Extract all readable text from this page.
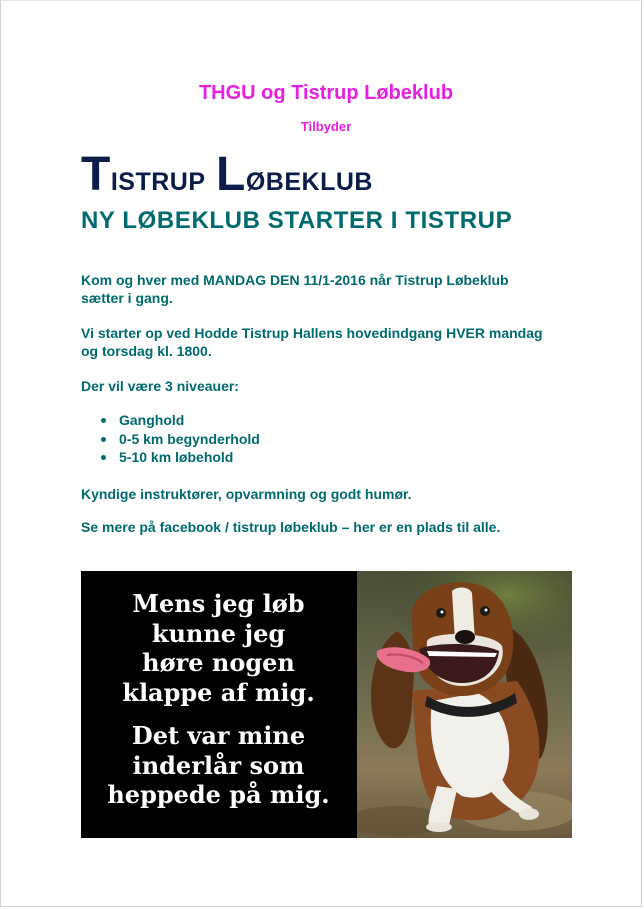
THGU og Tistrup Løbeklub
Tilbyder
Tistrup Løbeklub
NY LØBEKLUB STARTER I TISTRUP
Kom og hver med MANDAG DEN 11/1-2016 når Tistrup Løbeklub sætter i gang.
Vi starter op ved Hodde Tistrup Hallens hovedindgang HVER mandag og torsdag kl. 1800.
Der vil være 3 niveauer:
Ganghold
0-5 km begynderhold
5-10 km løbehold
Kyndige instruktører, opvarmning og godt humør.
Se mere på facebook / tistrup løbeklub – her er en plads til alle.
Mens jeg løb
kunne jeg
høre nogen
klappe af mig.
Det var mine
inderlår som
heppede på mig.
